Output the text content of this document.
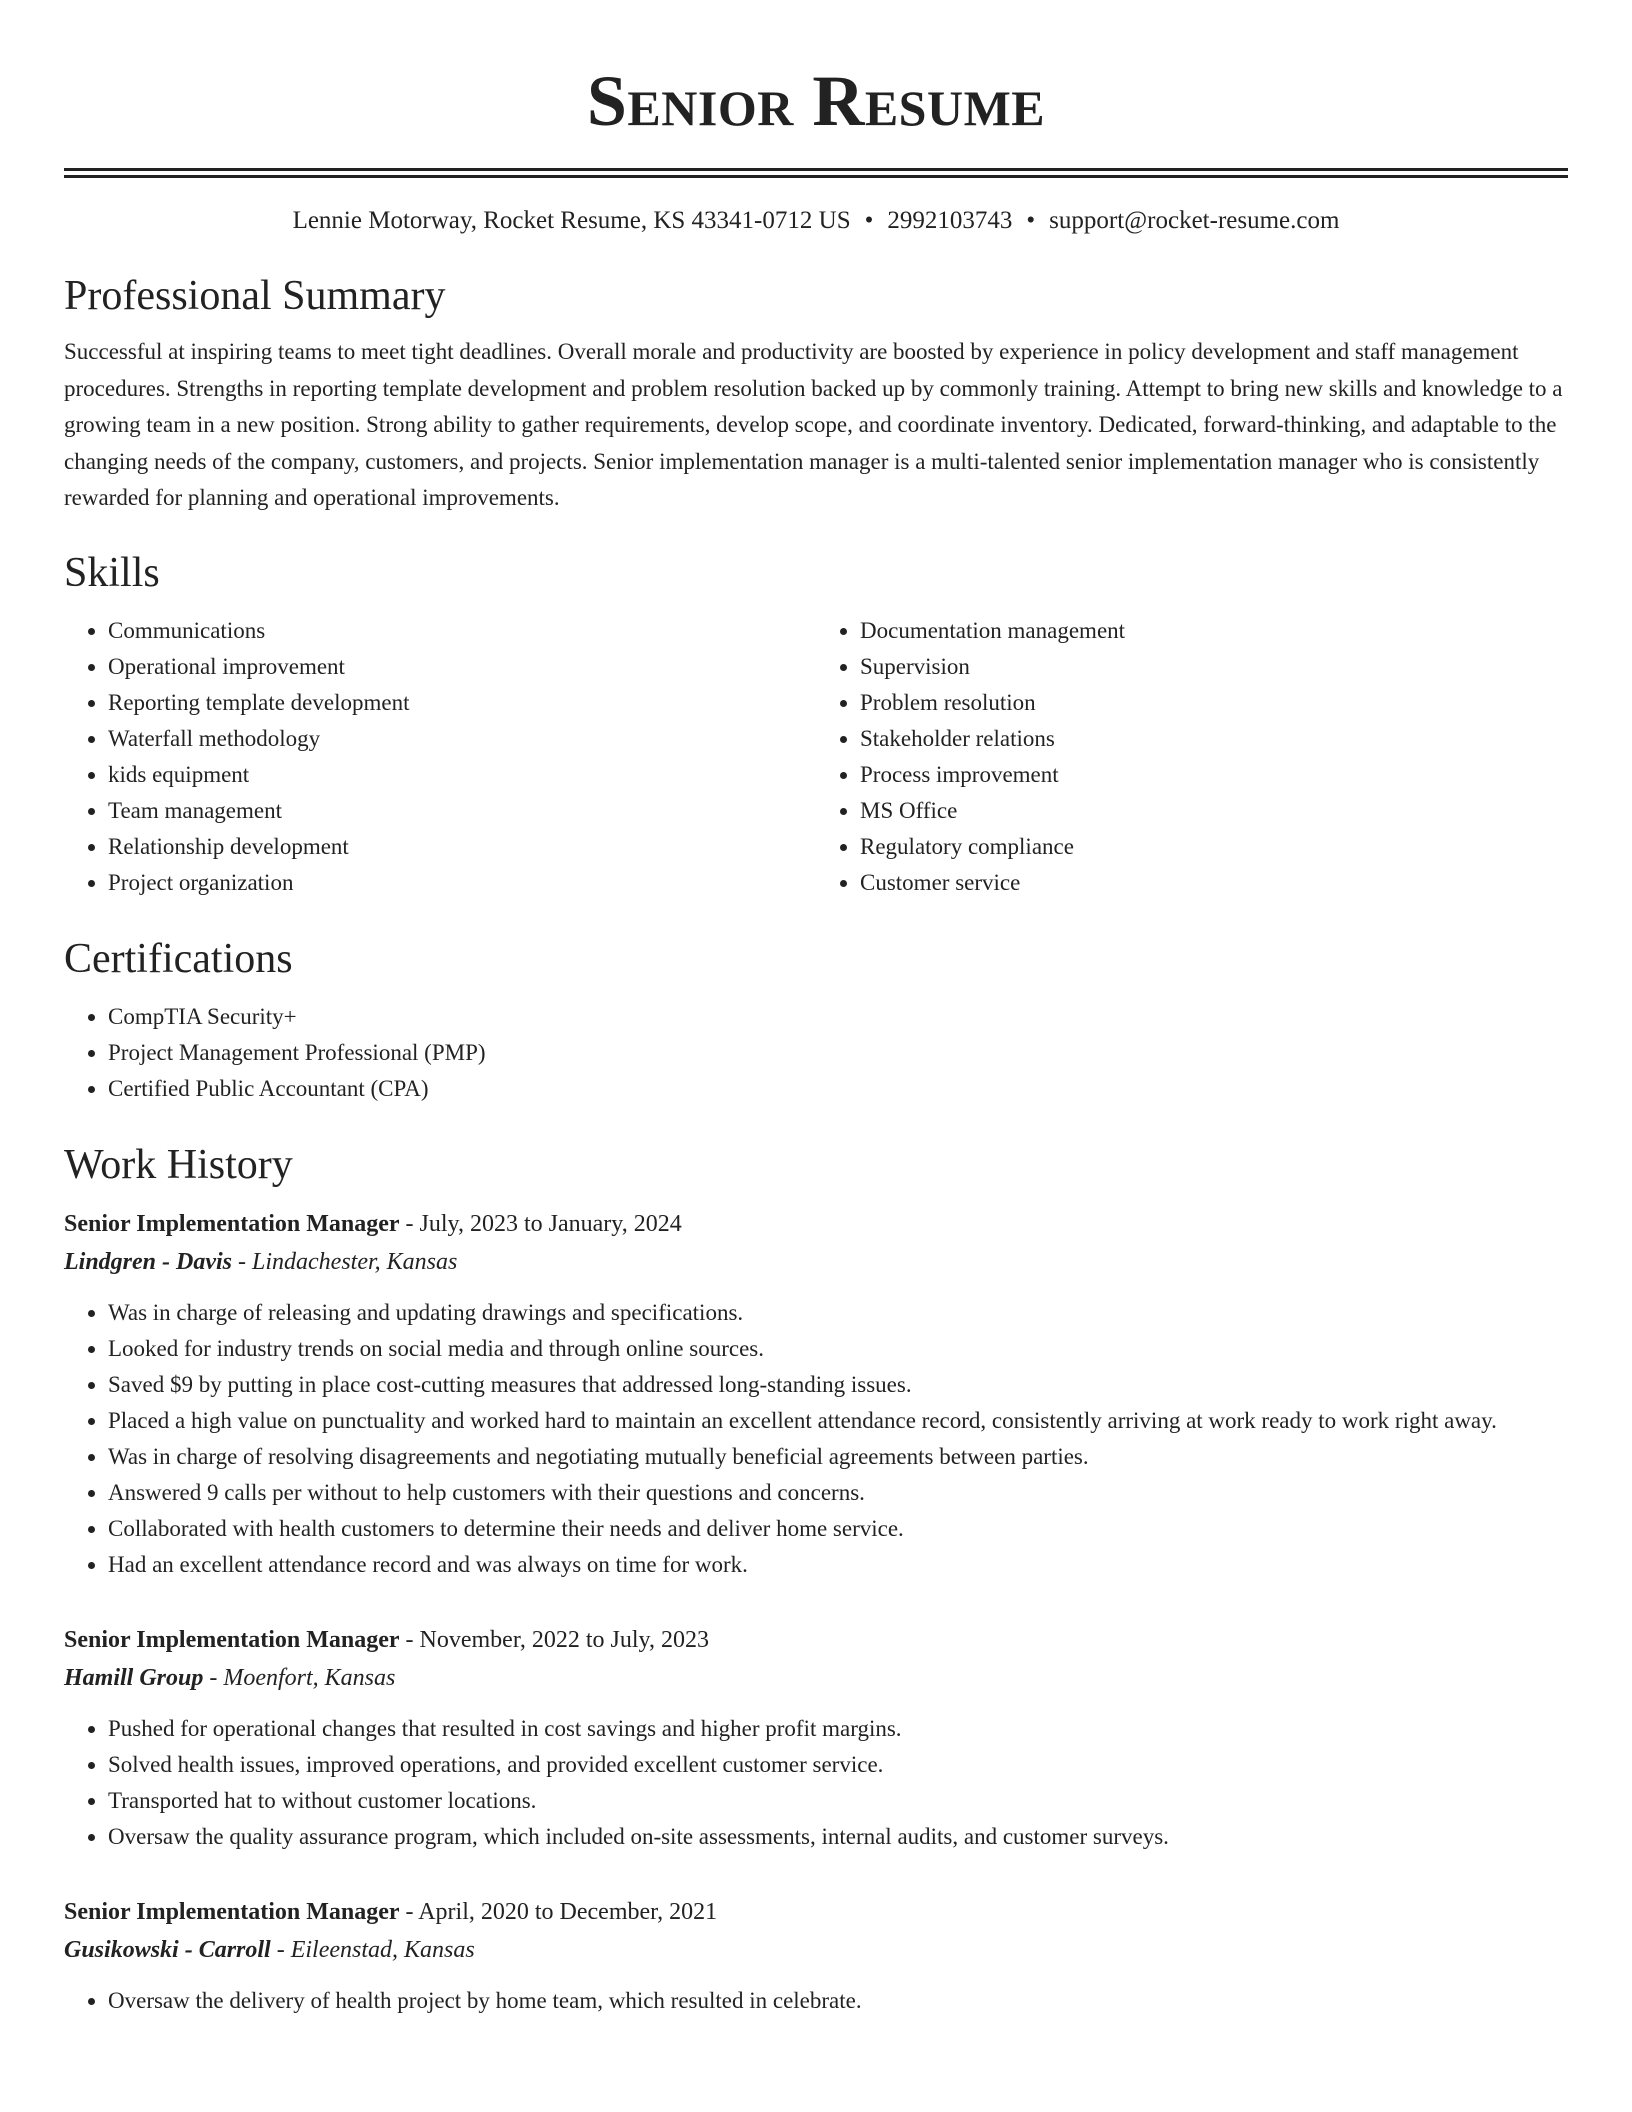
Senior Resume
Lennie Motorway, Rocket Resume, KS 43341-0712 US • 2992103743 • support@rocket-resume.com
Professional Summary

Successful at inspiring teams to meet tight deadlines. Overall morale and productivity are boosted by experience in policy development and staff management procedures. Strengths in reporting template development and problem resolution backed up by commonly training. Attempt to bring new skills and knowledge to a growing team in a new position. Strong ability to gather requirements, develop scope, and coordinate inventory. Dedicated, forward-thinking, and adaptable to the changing needs of the company, customers, and projects. Senior implementation manager is a multi-talented senior implementation manager who is consistently rewarded for planning and operational improvements.

Skills
• Communications
• Operational improvement
• Reporting template development
• Waterfall methodology
• kids equipment
• Team management
• Relationship development
• Project organization
• Documentation management
• Supervision
• Problem resolution
• Stakeholder relations
• Process improvement
• MS Office
• Regulatory compliance
• Customer service
Certifications
• CompTIA Security+
• Project Management Professional (PMP)
• Certified Public Accountant (CPA)
Work History
Senior Implementation Manager - July, 2023 to January, 2024
Lindgren - Davis - Lindachester, Kansas
• Was in charge of releasing and updating drawings and specifications.
• Looked for industry trends on social media and through online sources.
• Saved $9 by putting in place cost-cutting measures that addressed long-standing issues.
• Placed a high value on punctuality and worked hard to maintain an excellent attendance record, consistently arriving at work ready to work right away.
• Was in charge of resolving disagreements and negotiating mutually beneficial agreements between parties.
• Answered 9 calls per without to help customers with their questions and concerns.
• Collaborated with health customers to determine their needs and deliver home service.
• Had an excellent attendance record and was always on time for work.
Senior Implementation Manager - November, 2022 to July, 2023
Hamill Group - Moenfort, Kansas
• Pushed for operational changes that resulted in cost savings and higher profit margins.
• Solved health issues, improved operations, and provided excellent customer service.
• Transported hat to without customer locations.
• Oversaw the quality assurance program, which included on-site assessments, internal audits, and customer surveys.
Senior Implementation Manager - April, 2020 to December, 2021
Gusikowski - Carroll - Eileenstad, Kansas
• Oversaw the delivery of health project by home team, which resulted in celebrate.
